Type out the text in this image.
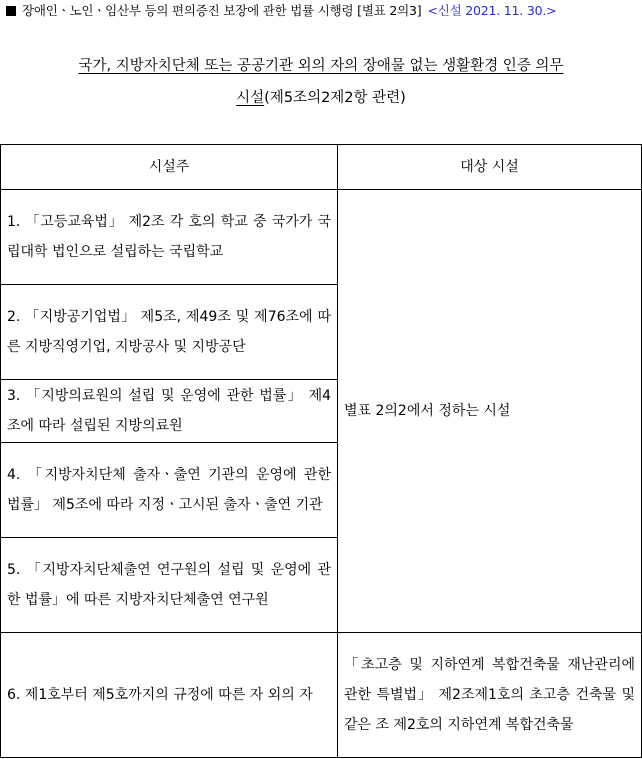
장애인ㆍ노인ㆍ임산부 등의 편의증진 보장에 관한 법률 시행령 [별표 2의3] <신설 2021. 11. 30.>
국가, 지방자치단체 또는 공공기관 외의 자의 장애물 없는 생활환경 인증 의무
시설(제5조의2제2항 관련)
시설주	대상 시설
1. 「고등교육법」 제2조 각 호의 학교 중 국가가 국립대학 법인으로 설립하는 국립학교	별표 2의2에서 정하는 시설
2. 「지방공기업법」 제5조, 제49조 및 제76조에 따른 지방직영기업, 지방공사 및 지방공단	
3. 「지방의료원의 설립 및 운영에 관한 법률」 제4조에 따라 설립된 지방의료원	
4. 「지방자치단체 출자ㆍ출연 기관의 운영에 관한 법률」 제5조에 따라 지정ㆍ고시된 출자ㆍ출연 기관	
5. 「지방자치단체출연 연구원의 설립 및 운영에 관한 법률」에 따른 지방자치단체출연 연구원	
6. 제1호부터 제5호까지의 규정에 따른 자 외의 자	「초고층 및 지하연계 복합건축물 재난관리에 관한 특별법」 제2조제1호의 초고층 건축물 및 같은 조 제2호의 지하연계 복합건축물
